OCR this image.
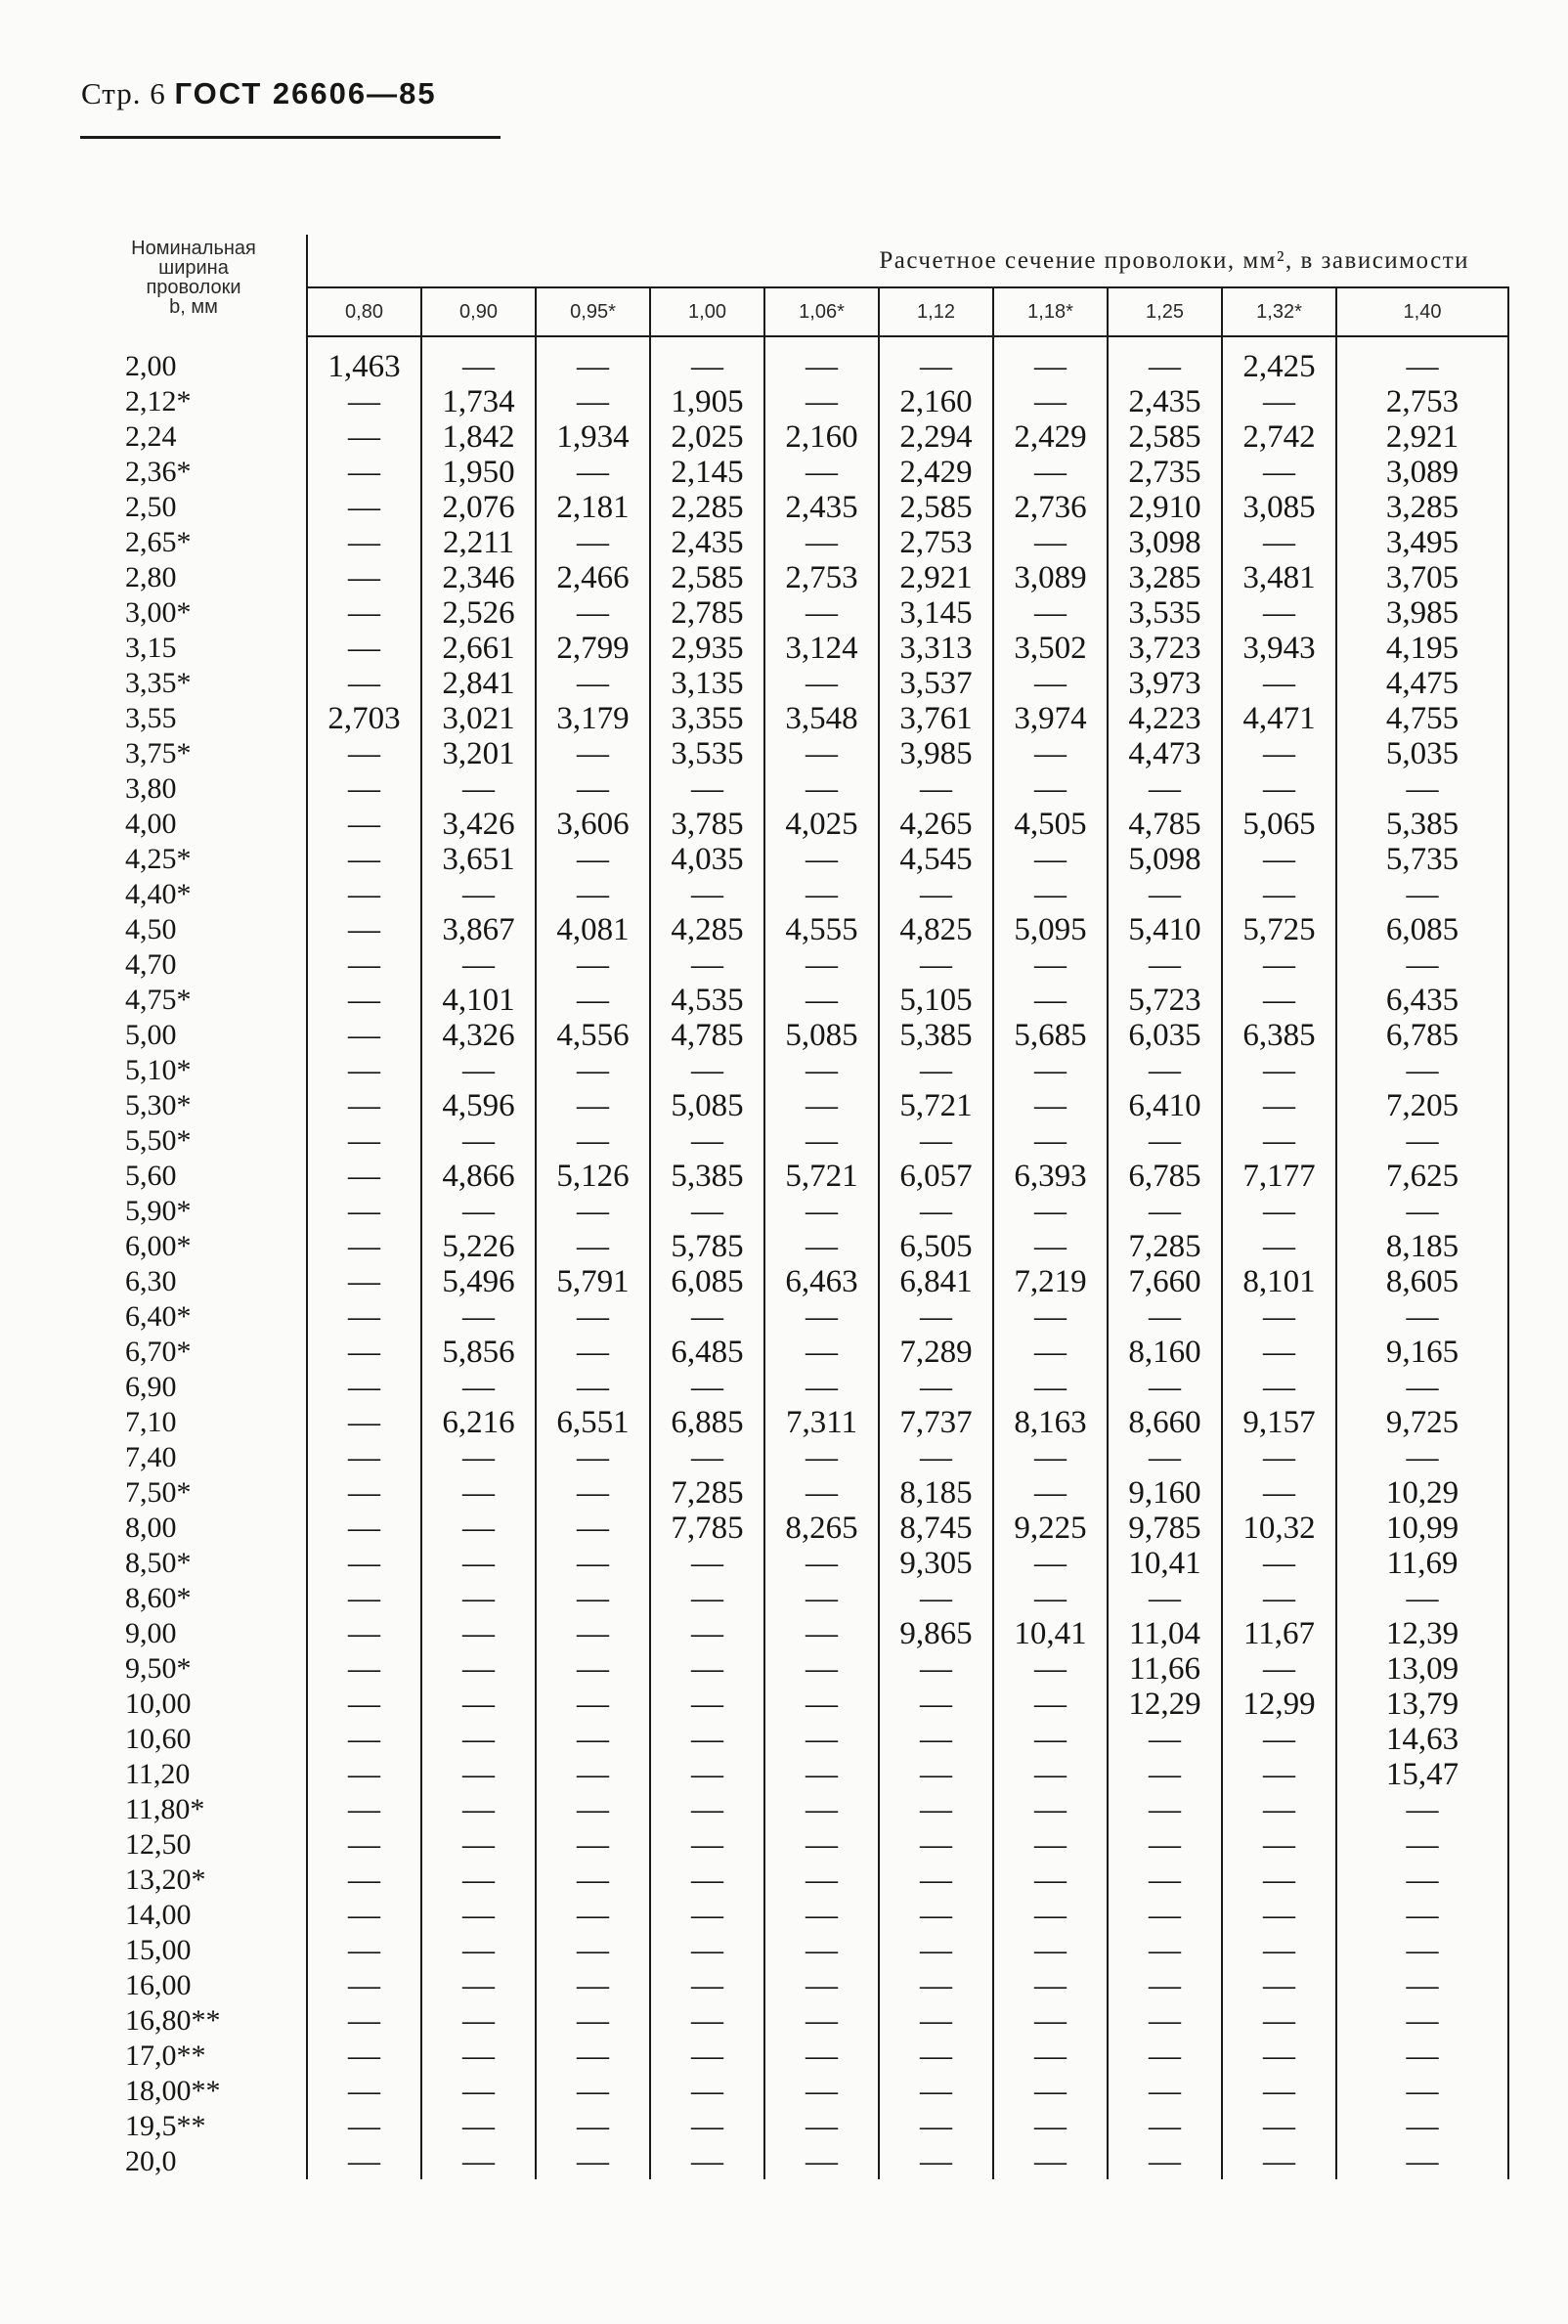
Стр. 6 ГОСТ 26606—85
Номинальная
ширина
проволоки
b, мм	Расчетное сечение проволоки, мм², в зависимости									
	0,80	0,90	0,95*	1,00	1,06*	1,12	1,18*	1,25	1,32*	1,40

2,00	1,463	—	—	—	—	—	—	—	2,425	—
2,12*	—	1,734	—	1,905	—	2,160	—	2,435	—	2,753
2,24	—	1,842	1,934	2,025	2,160	2,294	2,429	2,585	2,742	2,921
2,36*	—	1,950	—	2,145	—	2,429	—	2,735	—	3,089
2,50	—	2,076	2,181	2,285	2,435	2,585	2,736	2,910	3,085	3,285
2,65*	—	2,211	—	2,435	—	2,753	—	3,098	—	3,495
2,80	—	2,346	2,466	2,585	2,753	2,921	3,089	3,285	3,481	3,705
3,00*	—	2,526	—	2,785	—	3,145	—	3,535	—	3,985
3,15	—	2,661	2,799	2,935	3,124	3,313	3,502	3,723	3,943	4,195
3,35*	—	2,841	—	3,135	—	3,537	—	3,973	—	4,475
3,55	2,703	3,021	3,179	3,355	3,548	3,761	3,974	4,223	4,471	4,755
3,75*	—	3,201	—	3,535	—	3,985	—	4,473	—	5,035
3,80	—	—	—	—	—	—	—	—	—	—
4,00	—	3,426	3,606	3,785	4,025	4,265	4,505	4,785	5,065	5,385
4,25*	—	3,651	—	4,035	—	4,545	—	5,098	—	5,735
4,40*	—	—	—	—	—	—	—	—	—	—
4,50	—	3,867	4,081	4,285	4,555	4,825	5,095	5,410	5,725	6,085
4,70	—	—	—	—	—	—	—	—	—	—
4,75*	—	4,101	—	4,535	—	5,105	—	5,723	—	6,435
5,00	—	4,326	4,556	4,785	5,085	5,385	5,685	6,035	6,385	6,785
5,10*	—	—	—	—	—	—	—	—	—	—
5,30*	—	4,596	—	5,085	—	5,721	—	6,410	—	7,205
5,50*	—	—	—	—	—	—	—	—	—	—
5,60	—	4,866	5,126	5,385	5,721	6,057	6,393	6,785	7,177	7,625
5,90*	—	—	—	—	—	—	—	—	—	—
6,00*	—	5,226	—	5,785	—	6,505	—	7,285	—	8,185
6,30	—	5,496	5,791	6,085	6,463	6,841	7,219	7,660	8,101	8,605
6,40*	—	—	—	—	—	—	—	—	—	—
6,70*	—	5,856	—	6,485	—	7,289	—	8,160	—	9,165
6,90	—	—	—	—	—	—	—	—	—	—
7,10	—	6,216	6,551	6,885	7,311	7,737	8,163	8,660	9,157	9,725
7,40	—	—	—	—	—	—	—	—	—	—
7,50*	—	—	—	7,285	—	8,185	—	9,160	—	10,29
8,00	—	—	—	7,785	8,265	8,745	9,225	9,785	10,32	10,99
8,50*	—	—	—	—	—	9,305	—	10,41	—	11,69
8,60*	—	—	—	—	—	—	—	—	—	—
9,00	—	—	—	—	—	9,865	10,41	11,04	11,67	12,39
9,50*	—	—	—	—	—	—	—	11,66	—	13,09
10,00	—	—	—	—	—	—	—	12,29	12,99	13,79
10,60	—	—	—	—	—	—	—	—	—	14,63
11,20	—	—	—	—	—	—	—	—	—	15,47
11,80*	—	—	—	—	—	—	—	—	—	—
12,50	—	—	—	—	—	—	—	—	—	—
13,20*	—	—	—	—	—	—	—	—	—	—
14,00	—	—	—	—	—	—	—	—	—	—
15,00	—	—	—	—	—	—	—	—	—	—
16,00	—	—	—	—	—	—	—	—	—	—
16,80**	—	—	—	—	—	—	—	—	—	—
17,0**	—	—	—	—	—	—	—	—	—	—
18,00**	—	—	—	—	—	—	—	—	—	—
19,5**	—	—	—	—	—	—	—	—	—	—
20,0	—	—	—	—	—	—	—	—	—	—
